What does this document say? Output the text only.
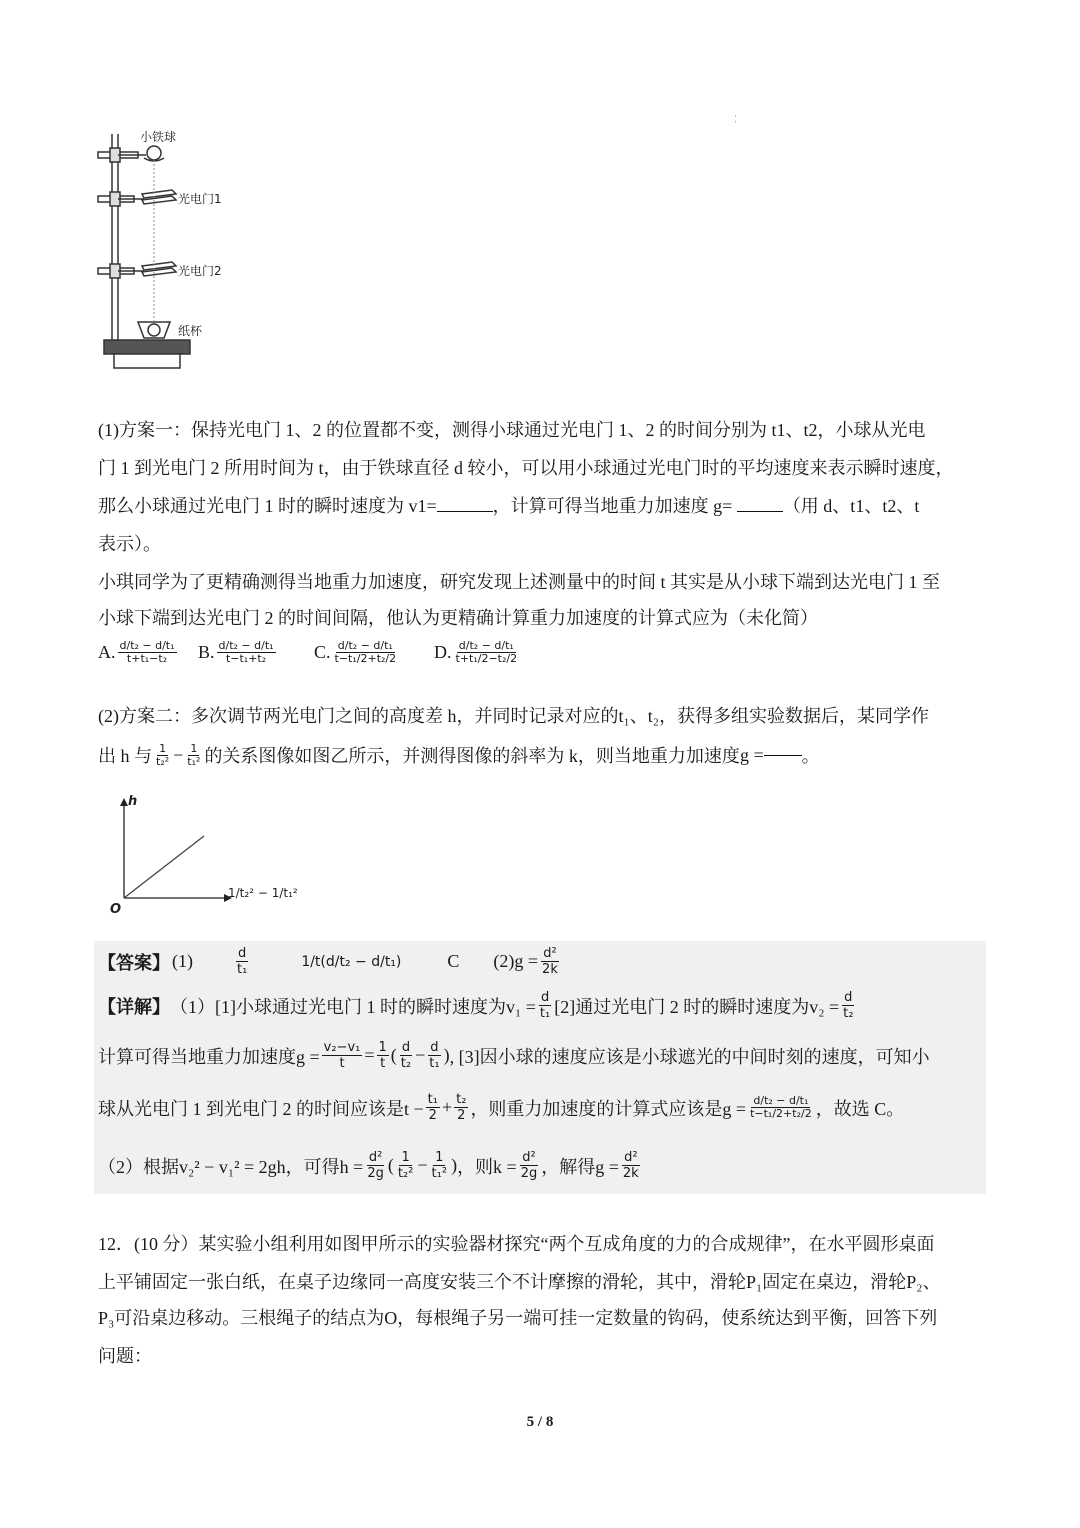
¦
小铁球
光电门1
光电门2
纸杯
(1)方案一：保持光电门 1、2 的位置都不变，测得小球通过光电门 1、2 的时间分别为 t1、t2，小球从光电
门 1 到光电门 2 所用时间为 t，由于铁球直径 d 较小，可以用小球通过光电门时的平均速度来表示瞬时速度，
那么小球通过光电门 1 时的瞬时速度为 v1=	，计算可得当地重力加速度 g=	（用 d、t1、t2、t
表示）。
小琪同学为了更精确测得当地重力加速度，研究发现上述测量中的时间 t 其实是从小球下端到达光电门 1 至
小球下端到达光电门 2 的时间间隔，他认为更精确计算重力加速度的计算式应为（未化简）
A. $\frac{\text{d/t₂ − d/t₁}}{\text{t+t₁−t₂}} B$. $\frac{\text{d/t₂ − d/t₁}}{\text{t−t₁+t₂}} C$. $\frac{\text{d/t₂ − d/t₁}}{\text{t−t₁/2+t₂/2}} D$. $\frac{\text{d/t₂ − d/t₁}}{\text{t+t₁/2−t₂/2}}$
(2)方案二：多次调节两光电门之间的高度差 h，并同时记录对应的t₁、t₂，获得多组实验数据后，某同学作
出 h 与 $\frac{1}{\text{t₂²}} - \frac{1}{\text{t₁²}}$ 的关系图像如图乙所示，并测得图像的斜率为 k，则当地重力加速度 g = 。
h
O
1/t₂² − 1/t₁²
【答案】 (1)	$\frac{d}{\text{t₁}}$	1/t(d/t₂ − d/t₁)	C $(2)g = \frac{\text{d²}}{2k}$
【详解】 （1）[1]小球通过光电门 1 时的瞬时速度为$v_1 = \frac{d}{\text{t₁}} [2]$通过光电门 2 时的瞬时速度为$v_2 = \frac{d}{\text{t₂}}$
计算可得当地重力加速度$g = \frac{\text{v₂−v₁}}{t} = \frac{1}{t}$ ( $\frac{d}{\text{t₂}} - \frac{d}{\text{t₁}}$ ) , [3]因小球的速度应该是小球遮光的中间时刻的速度，可知小
球从光电门 1 到光电门 2 的时间应该是$t - \frac{\text{t₁}}{2} + \frac{\text{t₂}}{2}$ ，则重力加速度的计算式应该是$g = \frac{\text{d/t₂ − d/t₁}}{\text{t−t₁/2+t₂/2}}$ ，故选 C。
（2）根据v₂² − v₁² = 2gh，可得$h = \frac{\text{d²}}{2g}$ ( $\frac{1}{\text{t₂²}} - \frac{1}{\text{t₁²}}$ ) ，则$k = \frac{\text{d²}}{2g}$ ，解得$g = \frac{\text{d²}}{2k}$
12．(10 分）某实验小组利用如图甲所示的实验器材探究“两个互成角度的力的合成规律”，在水平圆形桌面
上平铺固定一张白纸，在桌子边缘同一高度安装三个不计摩擦的滑轮，其中，滑轮P₁固定在桌边，滑轮P₂、
P₃可沿桌边移动。三根绳子的结点为O，每根绳子另一端可挂一定数量的钩码，使系统达到平衡，回答下列
问题：
5 / 8
